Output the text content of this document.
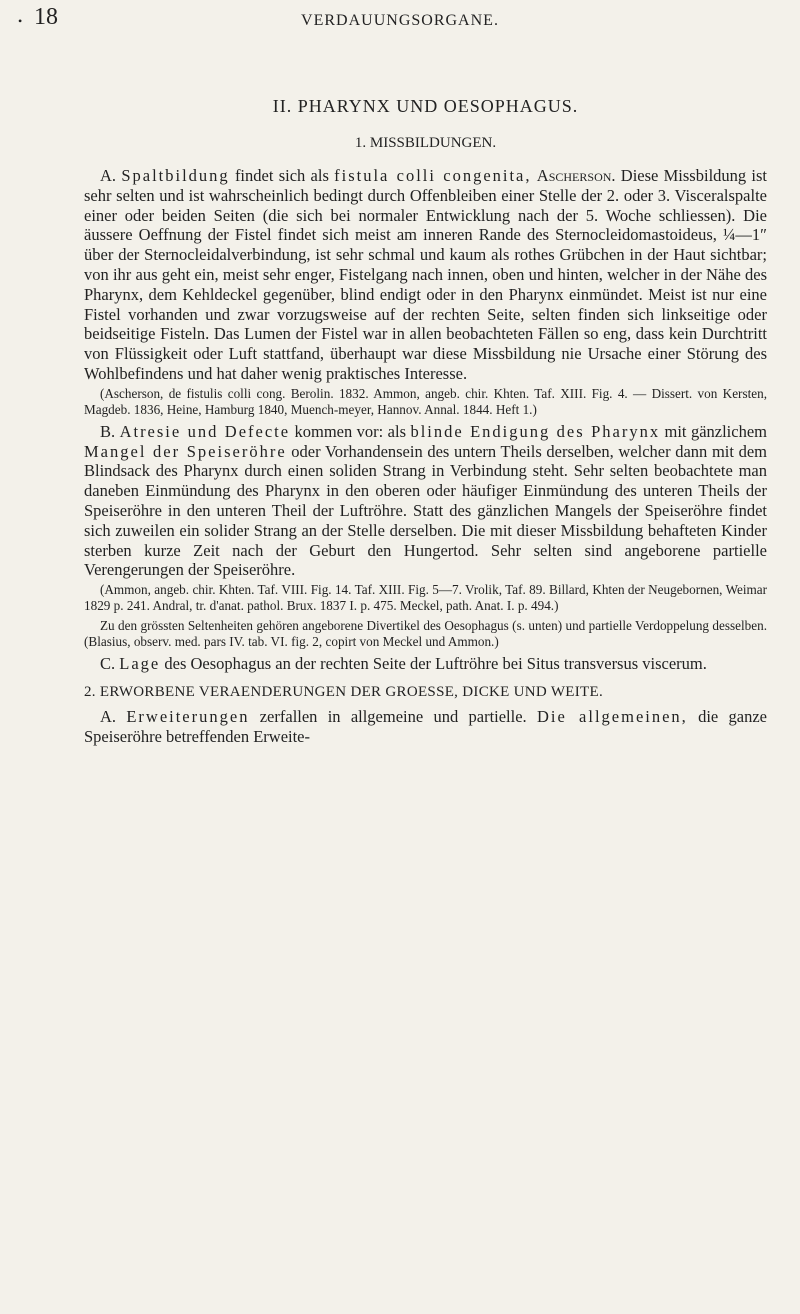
• 18	VERDAUUNGSORGANE.
II. PHARYNX UND OESOPHAGUS.
1. MISSBILDUNGEN.

A. Spaltbildung findet sich als fistula colli congenita, Ascherson. Diese Missbildung ist sehr selten und ist wahrscheinlich bedingt durch Offenbleiben einer Stelle der 2. oder 3. Visceralspalte einer oder beiden Seiten (die sich bei normaler Entwicklung nach der 5. Woche schliessen). Die äussere Oeffnung der Fistel findet sich meist am inneren Rande des Sternocleidomastoideus, ¼—1″ über der Sternocleidalverbindung, ist sehr schmal und kaum als rothes Grübchen in der Haut sichtbar; von ihr aus geht ein, meist sehr enger, Fistelgang nach innen, oben und hinten, welcher in der Nähe des Pharynx, dem Kehldeckel gegenüber, blind endigt oder in den Pharynx einmündet. Meist ist nur eine Fistel vorhanden und zwar vorzugsweise auf der rechten Seite, selten finden sich linkseitige oder beidseitige Fisteln. Das Lumen der Fistel war in allen beobachteten Fällen so eng, dass kein Durchtritt von Flüssigkeit oder Luft stattfand, überhaupt war diese Missbildung nie Ursache einer Störung des Wohlbefindens und hat daher wenig praktisches Interesse.

(Ascherson, de fistulis colli cong. Berolin. 1832. Ammon, angeb. chir. Khten. Taf. XIII. Fig. 4. — Dissert. von Kersten, Magdeb. 1836, Heine, Hamburg 1840, Muench-meyer, Hannov. Annal. 1844. Heft 1.)

B. Atresie und Defecte kommen vor: als blinde Endigung des Pharynx mit gänzlichem Mangel der Speiseröhre oder Vorhandensein des untern Theils derselben, welcher dann mit dem Blindsack des Pharynx durch einen soliden Strang in Verbindung steht. Sehr selten beobachtete man daneben Einmündung des Pharynx in den oberen oder häufiger Einmündung des unteren Theils der Speiseröhre in den unteren Theil der Luftröhre. Statt des gänzlichen Mangels der Speiseröhre findet sich zuweilen ein solider Strang an der Stelle derselben. Die mit dieser Missbildung behafteten Kinder sterben kurze Zeit nach der Geburt den Hungertod. Sehr selten sind angeborene partielle Verengerungen der Speiseröhre.

(Ammon, angeb. chir. Khten. Taf. VIII. Fig. 14. Taf. XIII. Fig. 5—7. Vrolik, Taf. 89. Billard, Khten der Neugebornen, Weimar 1829 p. 241. Andral, tr. d'anat. pathol. Brux. 1837 I. p. 475. Meckel, path. Anat. I. p. 494.)

Zu den grössten Seltenheiten gehören angeborene Divertikel des Oesophagus (s. unten) und partielle Verdoppelung desselben. (Blasius, observ. med. pars IV. tab. VI. fig. 2, copirt von Meckel und Ammon.)

C. Lage des Oesophagus an der rechten Seite der Luftröhre bei Situs transversus viscerum.

2. ERWORBENE VERAENDERUNGEN DER GROESSE, DICKE UND WEITE.

A. Erweiterungen zerfallen in allgemeine und partielle. Die allgemeinen, die ganze Speiseröhre betreffenden Erweite-
